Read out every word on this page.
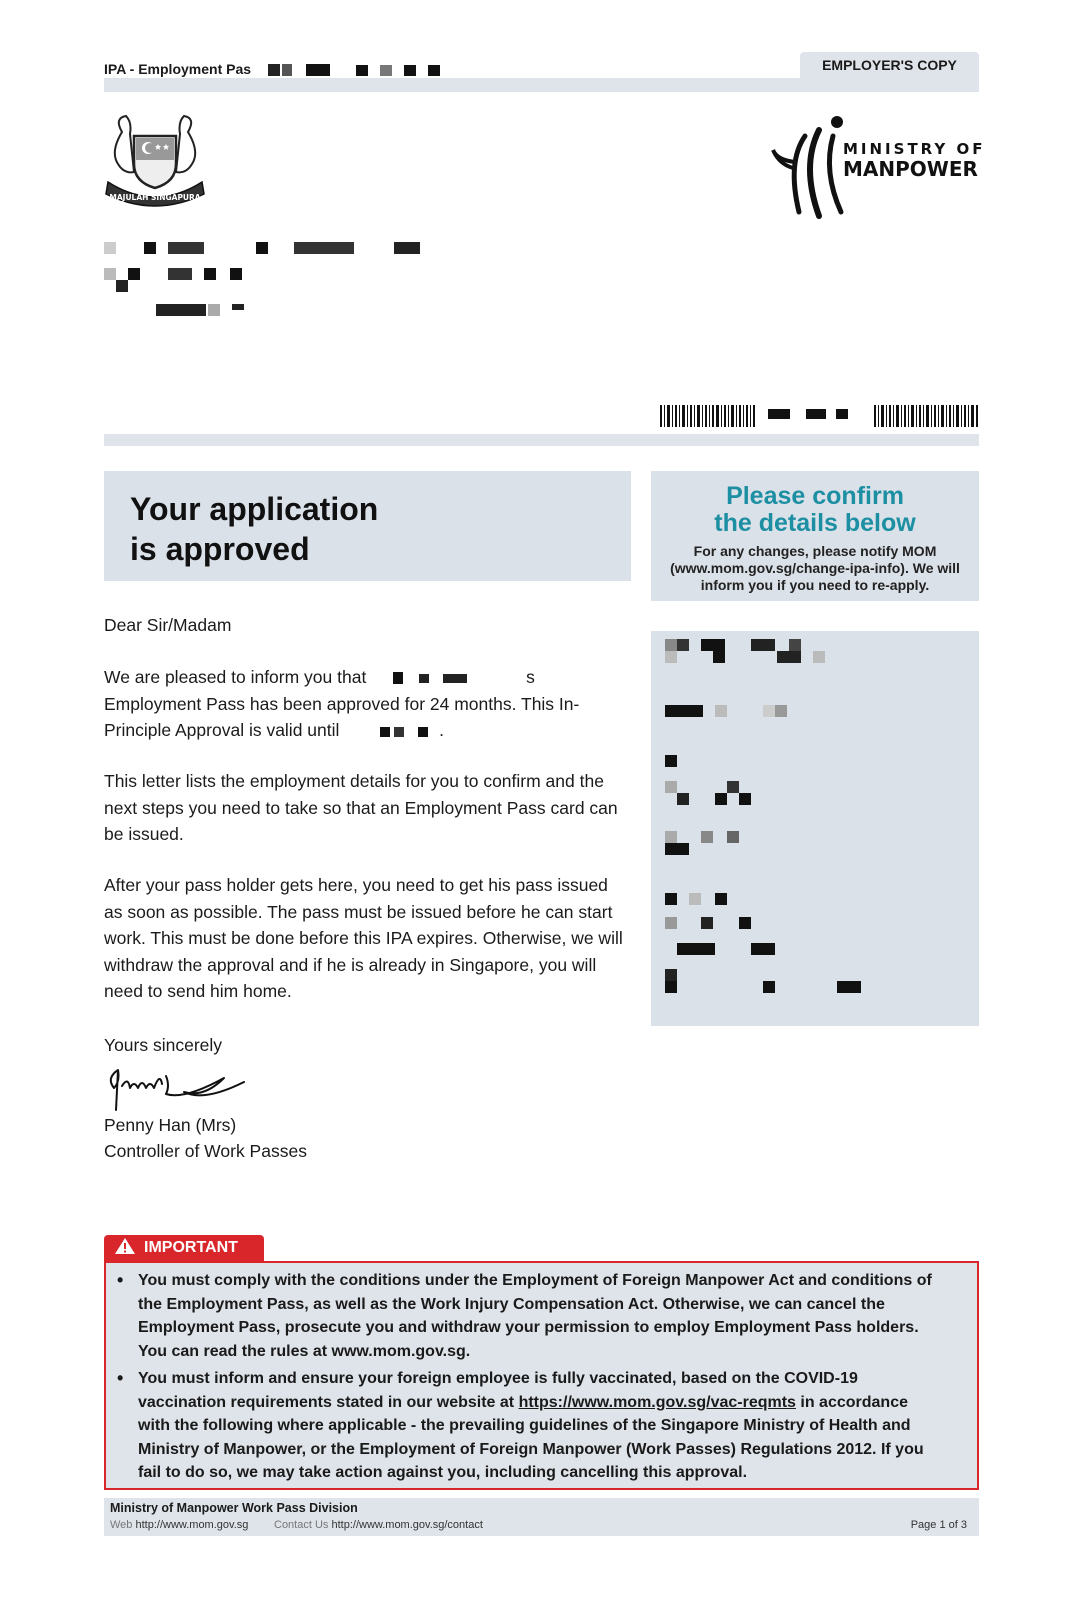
IPA - Employment Pas	EMPLOYER'S COPY
MAJULAH SINGAPURA
MINISTRY OF
MANPOWER
Your application
is approved
Please confirm
the details below
For any changes, please notify MOM (www.mom.gov.sg/change-ipa-info). We will inform you if you need to re-apply.
Dear Sir/Madam
We are pleased to inform you that	s Employment Pass has been approved for 24 months. This In-Principle Approval is valid until	.
This letter lists the employment details for you to confirm and the next steps you need to take so that an Employment Pass card can be issued.
After your pass holder gets here, you need to get his pass issued as soon as possible. The pass must be issued before he can start work. This must be done before this IPA expires. Otherwise, we will withdraw the approval and if he is already in Singapore, you will need to send him home.
Yours sincerely
Penny Han (Mrs)
Controller of Work Passes
IMPORTANT
• You must comply with the conditions under the Employment of Foreign Manpower Act and conditions of the Employment Pass, as well as the Work Injury Compensation Act. Otherwise, we can cancel the Employment Pass, prosecute you and withdraw your permission to employ Employment Pass holders. You can read the rules at www.mom.gov.sg.
• You must inform and ensure your foreign employee is fully vaccinated, based on the COVID-19 vaccination requirements stated in our website at https://www.mom.gov.sg/vac-reqmts in accordance with the following where applicable - the prevailing guidelines of the Singapore Ministry of Health and Ministry of Manpower, or the Employment of Foreign Manpower (Work Passes) Regulations 2012. If you fail to do so, we may take action against you, including cancelling this approval.
Ministry of Manpower Work Pass Division
Web http://www.mom.gov.sg Contact Us http://www.mom.gov.sg/contact	Page 1 of 3
